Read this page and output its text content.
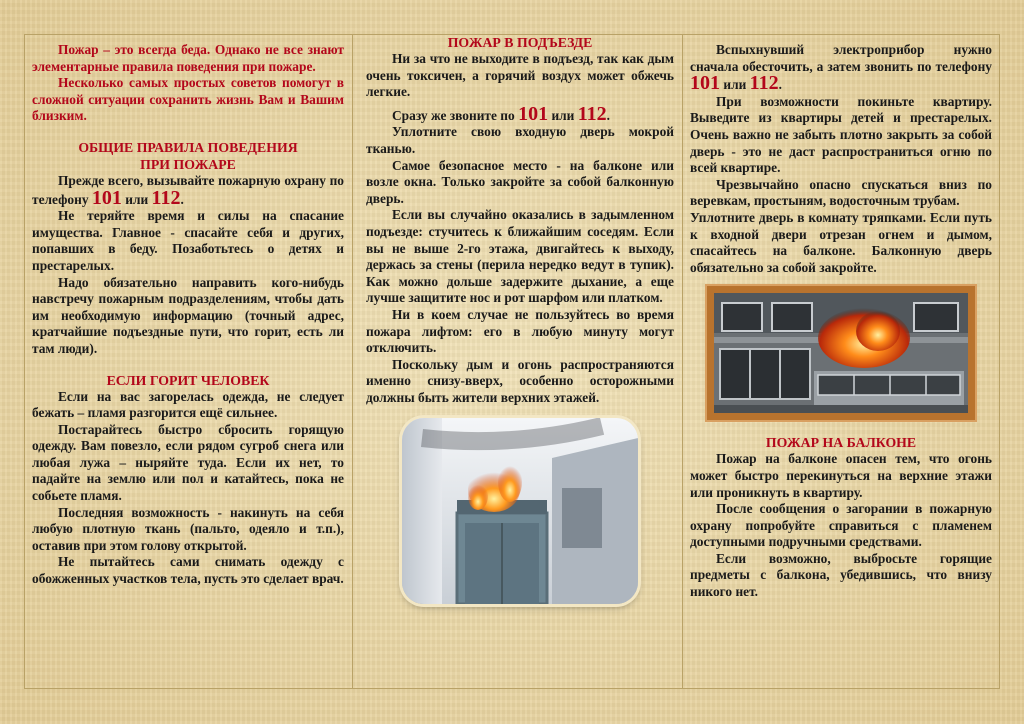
Пожар – это всегда беда. Однако не все знают элементарные правила поведения при пожаре.

Несколько самых простых советов помогут в сложной ситуации сохранить жизнь Вам и Вашим близким.

ОБЩИЕ ПРАВИЛА ПОВЕДЕНИЯ

ПРИ ПОЖАРЕ

Прежде всего, вызывайте пожарную охрану по телефону 101 или 112.

Не теряйте время и силы на спасание имущества. Главное - спасайте себя и других, попавших в беду. Позаботьтесь о детях и престарелых.

Надо обязательно направить кого-нибудь навстречу пожарным подразделениям, чтобы дать им необходимую информацию (точный адрес, кратчайшие подъездные пути, что горит, есть ли там люди).

ЕСЛИ ГОРИТ ЧЕЛОВЕК

Если на вас загорелась одежда, не следует бежать – пламя разгорится ещё сильнее.

Постарайтесь быстро сбросить горящую одежду. Вам повезло, если рядом сугроб снега или любая лужа – ныряйте туда. Если их нет, то падайте на землю или пол и катайтесь, пока не собьете пламя.

Последняя возможность - накинуть на себя любую плотную ткань (пальто, одеяло и т.п.), оставив при этом голову открытой.

Не пытайтесь сами снимать одежду с обожженных участков тела, пусть это сделает врач.

ПОЖАР В ПОДЪЕЗДЕ

Ни за что не выходите в подъезд, так как дым очень токсичен, а горячий воздух может обжечь легкие.

Сразу же звоните по 101 или 112.

Уплотните свою входную дверь мокрой тканью.

Самое безопасное место - на балконе или возле окна. Только закройте за собой балконную дверь.

Если вы случайно оказались в задымленном подъезде: стучитесь к ближайшим соседям. Если вы не выше 2-го этажа, двигайтесь к выходу, держась за стены (перила нередко ведут в тупик). Как можно дольше задержите дыхание, а еще лучше защитите нос и рот шарфом или платком.

Ни в коем случае не пользуйтесь во время пожара лифтом: его в любую минуту могут отключить.

Поскольку дым и огонь распространяются именно снизу-вверх, особенно осторожными должны быть жители верхних этажей.

Вспыхнувший электроприбор нужно сначала обесточить, а затем звонить по телефону 101 или 112.

При возможности покиньте квартиру. Выведите из квартиры детей и престарелых. Очень важно не забыть плотно закрыть за собой дверь - это не даст распространиться огню по всей квартире.

Чрезвычайно опасно спускаться вниз по веревкам, простыням, водосточным трубам.

Уплотните дверь в комнату тряпками. Если путь к входной двери отрезан огнем и дымом, спасайтесь на балконе. Балконную дверь обязательно за собой закройте.

ПОЖАР НА БАЛКОНЕ

Пожар на балконе опасен тем, что огонь может быстро перекинуться на верхние этажи или проникнуть в квартиру.

После сообщения о загорании в пожарную охрану попробуйте справиться с пламенем доступными подручными средствами.

Если возможно, выбросьте горящие предметы с балкона, убедившись, что внизу никого нет.
